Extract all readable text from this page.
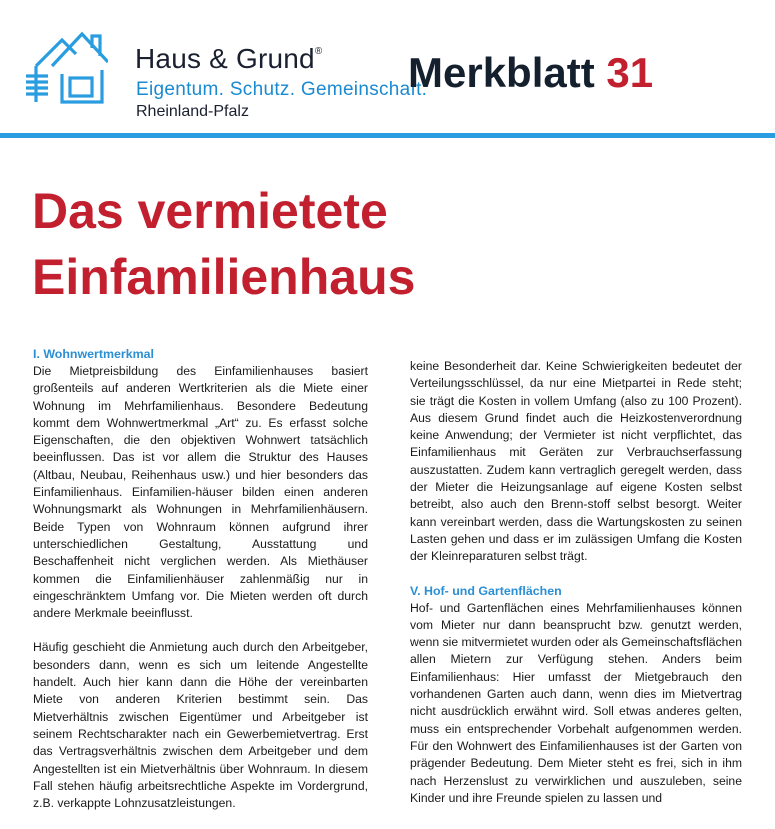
Haus & Grund®
Eigentum. Schutz. Gemeinschaft.
Rheinland-Pfalz
Merkblatt 31
Das vermietete
Einfamilienhaus
I. Wohnwertmerkmal

Die Mietpreisbildung des Einfamilienhauses basiert großenteils auf anderen Wertkriterien als die Miete einer Wohnung im Mehrfamilienhaus. Besondere Bedeutung kommt dem Wohnwertmerkmal „Art“ zu. Es erfasst solche Eigenschaften, die den objektiven Wohnwert tatsächlich beeinflussen. Das ist vor allem die Struktur des Hauses (Altbau, Neubau, Reihenhaus usw.) und hier besonders das Einfamilienhaus. Einfamilien-häuser bilden einen anderen Wohnungsmarkt als Wohnungen in Mehrfamilienhäusern. Beide Typen von Wohnraum können aufgrund ihrer unterschiedlichen Gestaltung, Ausstattung und Beschaffenheit nicht verglichen werden. Als Miethäuser kommen die Einfamilienhäuser zahlenmäßig nur in eingeschränktem Umfang vor. Die Mieten werden oft durch andere Merkmale beeinflusst.

Häufig geschieht die Anmietung auch durch den Arbeitgeber, besonders dann, wenn es sich um leitende Angestellte handelt. Auch hier kann dann die Höhe der vereinbarten Miete von anderen Kriterien bestimmt sein. Das Mietverhältnis zwischen Eigentümer und Arbeitgeber ist seinem Rechtscharakter nach ein Gewerbemietvertrag. Erst das Vertragsverhältnis zwischen dem Arbeitgeber und dem Angestellten ist ein Mietverhältnis über Wohnraum. In diesem Fall stehen häufig arbeitsrechtliche Aspekte im Vordergrund, z.B. verkappte Lohnzusatzleistungen.

keine Besonderheit dar. Keine Schwierigkeiten bedeutet der Verteilungsschlüssel, da nur eine Mietpartei in Rede steht; sie trägt die Kosten in vollem Umfang (also zu 100 Prozent). Aus diesem Grund findet auch die Heizkostenverordnung keine Anwendung; der Vermieter ist nicht verpflichtet, das Einfamilienhaus mit Geräten zur Verbrauchserfassung auszustatten. Zudem kann vertraglich geregelt werden, dass der Mieter die Heizungsanlage auf eigene Kosten selbst betreibt, also auch den Brenn-stoff selbst besorgt. Weiter kann vereinbart werden, dass die Wartungskosten zu seinen Lasten gehen und dass er im zulässigen Umfang die Kosten der Kleinreparaturen selbst trägt.

V. Hof- und Gartenflächen

Hof- und Gartenflächen eines Mehrfamilienhauses können vom Mieter nur dann beansprucht bzw. genutzt werden, wenn sie mitvermietet wurden oder als Gemeinschaftsflächen allen Mietern zur Verfügung stehen. Anders beim Einfamilienhaus: Hier umfasst der Mietgebrauch den vorhandenen Garten auch dann, wenn dies im Mietvertrag nicht ausdrücklich erwähnt wird. Soll etwas anderes gelten, muss ein entsprechender Vorbehalt aufgenommen werden. Für den Wohnwert des Einfamilienhauses ist der Garten von prägender Bedeutung. Dem Mieter steht es frei, sich in ihm nach Herzenslust zu verwirklichen und auszuleben, seine Kinder und ihre Freunde spielen zu lassen und
